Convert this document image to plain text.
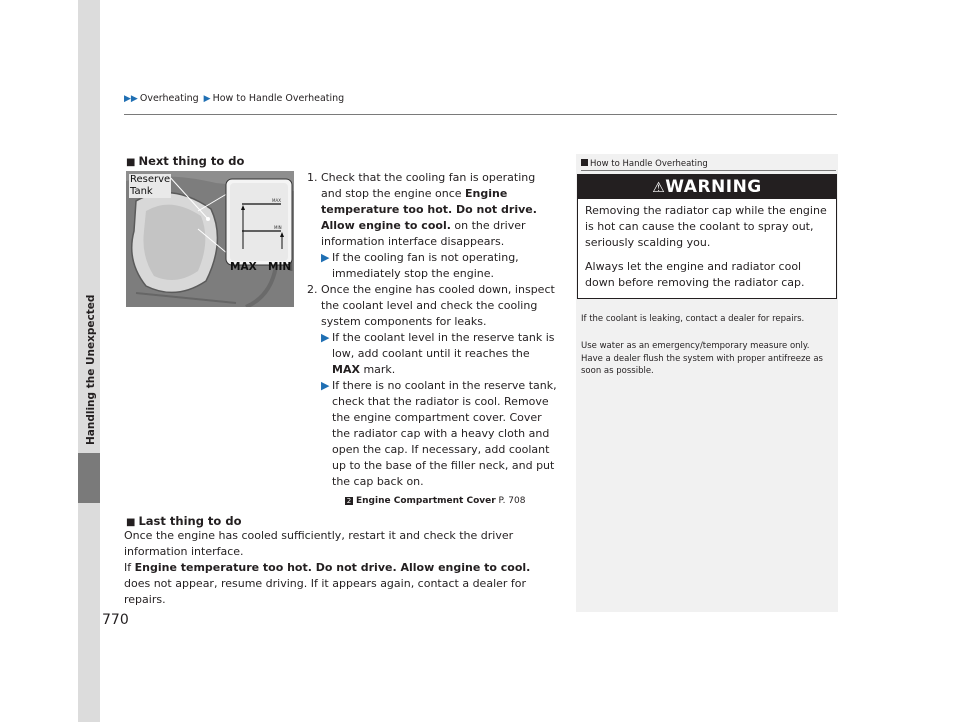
Handling the Unexpected
▶▶ Overheating ▶ How to Handle Overheating
■ Next thing to do
MAX
MIN
Reserve
Tank
MAX MIN
1. Check that the cooling fan is operating and stop the engine once Engine temperature too hot. Do not drive. Allow engine to cool. on the driver information interface disappears.
▶ If the cooling fan is not operating, immediately stop the engine.
2. Once the engine has cooled down, inspect the coolant level and check the cooling system components for leaks.
▶ If the coolant level in the reserve tank is low, add coolant until it reaches the MAX mark.
▶ If there is no coolant in the reserve tank, check that the radiator is cool. Remove the engine compartment cover. Cover the radiator cap with a heavy cloth and open the cap. If necessary, add coolant up to the base of the filler neck, and put the cap back on.
2 Engine Compartment Cover P. 708
■ Last thing to do
Once the engine has cooled sufficiently, restart it and check the driver information interface.
If Engine temperature too hot. Do not drive. Allow engine to cool. does not appear, resume driving. If it appears again, contact a dealer for repairs.
How to Handle Overheating
⚠WARNING
Removing the radiator cap while the engine is hot can cause the coolant to spray out, seriously scalding you.
Always let the engine and radiator cool down before removing the radiator cap.
If the coolant is leaking, contact a dealer for repairs.
Use water as an emergency/temporary measure only. Have a dealer flush the system with proper antifreeze as soon as possible.
770
